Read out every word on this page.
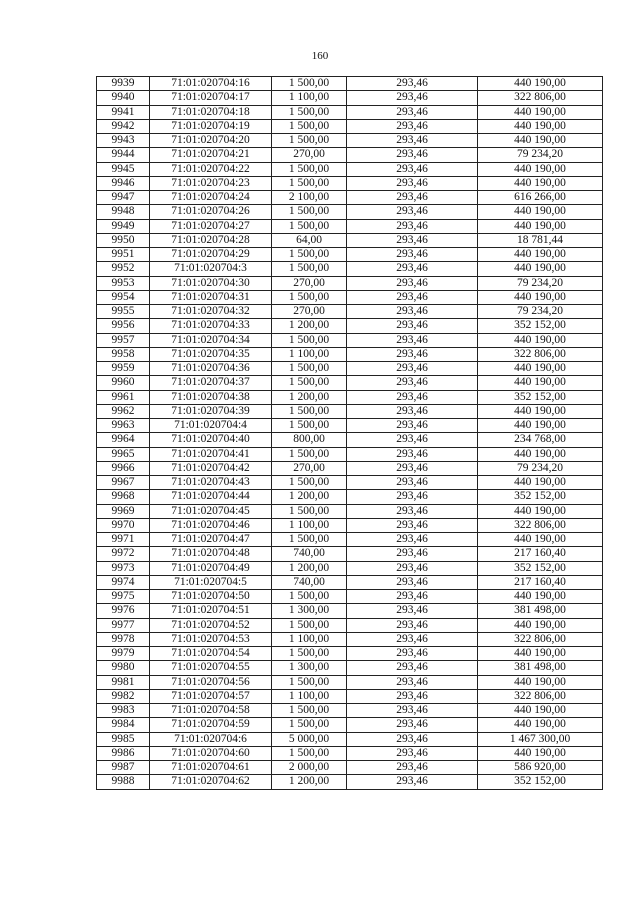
160
9939	71:01:020704:16	1 500,00	293,46	440 190,00
9940	71:01:020704:17	1 100,00	293,46	322 806,00
9941	71:01:020704:18	1 500,00	293,46	440 190,00
9942	71:01:020704:19	1 500,00	293,46	440 190,00
9943	71:01:020704:20	1 500,00	293,46	440 190,00
9944	71:01:020704:21	270,00	293,46	79 234,20
9945	71:01:020704:22	1 500,00	293,46	440 190,00
9946	71:01:020704:23	1 500,00	293,46	440 190,00
9947	71:01:020704:24	2 100,00	293,46	616 266,00
9948	71:01:020704:26	1 500,00	293,46	440 190,00
9949	71:01:020704:27	1 500,00	293,46	440 190,00
9950	71:01:020704:28	64,00	293,46	18 781,44
9951	71:01:020704:29	1 500,00	293,46	440 190,00
9952	71:01:020704:3	1 500,00	293,46	440 190,00
9953	71:01:020704:30	270,00	293,46	79 234,20
9954	71:01:020704:31	1 500,00	293,46	440 190,00
9955	71:01:020704:32	270,00	293,46	79 234,20
9956	71:01:020704:33	1 200,00	293,46	352 152,00
9957	71:01:020704:34	1 500,00	293,46	440 190,00
9958	71:01:020704:35	1 100,00	293,46	322 806,00
9959	71:01:020704:36	1 500,00	293,46	440 190,00
9960	71:01:020704:37	1 500,00	293,46	440 190,00
9961	71:01:020704:38	1 200,00	293,46	352 152,00
9962	71:01:020704:39	1 500,00	293,46	440 190,00
9963	71:01:020704:4	1 500,00	293,46	440 190,00
9964	71:01:020704:40	800,00	293,46	234 768,00
9965	71:01:020704:41	1 500,00	293,46	440 190,00
9966	71:01:020704:42	270,00	293,46	79 234,20
9967	71:01:020704:43	1 500,00	293,46	440 190,00
9968	71:01:020704:44	1 200,00	293,46	352 152,00
9969	71:01:020704:45	1 500,00	293,46	440 190,00
9970	71:01:020704:46	1 100,00	293,46	322 806,00
9971	71:01:020704:47	1 500,00	293,46	440 190,00
9972	71:01:020704:48	740,00	293,46	217 160,40
9973	71:01:020704:49	1 200,00	293,46	352 152,00
9974	71:01:020704:5	740,00	293,46	217 160,40
9975	71:01:020704:50	1 500,00	293,46	440 190,00
9976	71:01:020704:51	1 300,00	293,46	381 498,00
9977	71:01:020704:52	1 500,00	293,46	440 190,00
9978	71:01:020704:53	1 100,00	293,46	322 806,00
9979	71:01:020704:54	1 500,00	293,46	440 190,00
9980	71:01:020704:55	1 300,00	293,46	381 498,00
9981	71:01:020704:56	1 500,00	293,46	440 190,00
9982	71:01:020704:57	1 100,00	293,46	322 806,00
9983	71:01:020704:58	1 500,00	293,46	440 190,00
9984	71:01:020704:59	1 500,00	293,46	440 190,00
9985	71:01:020704:6	5 000,00	293,46	1 467 300,00
9986	71:01:020704:60	1 500,00	293,46	440 190,00
9987	71:01:020704:61	2 000,00	293,46	586 920,00
9988	71:01:020704:62	1 200,00	293,46	352 152,00
